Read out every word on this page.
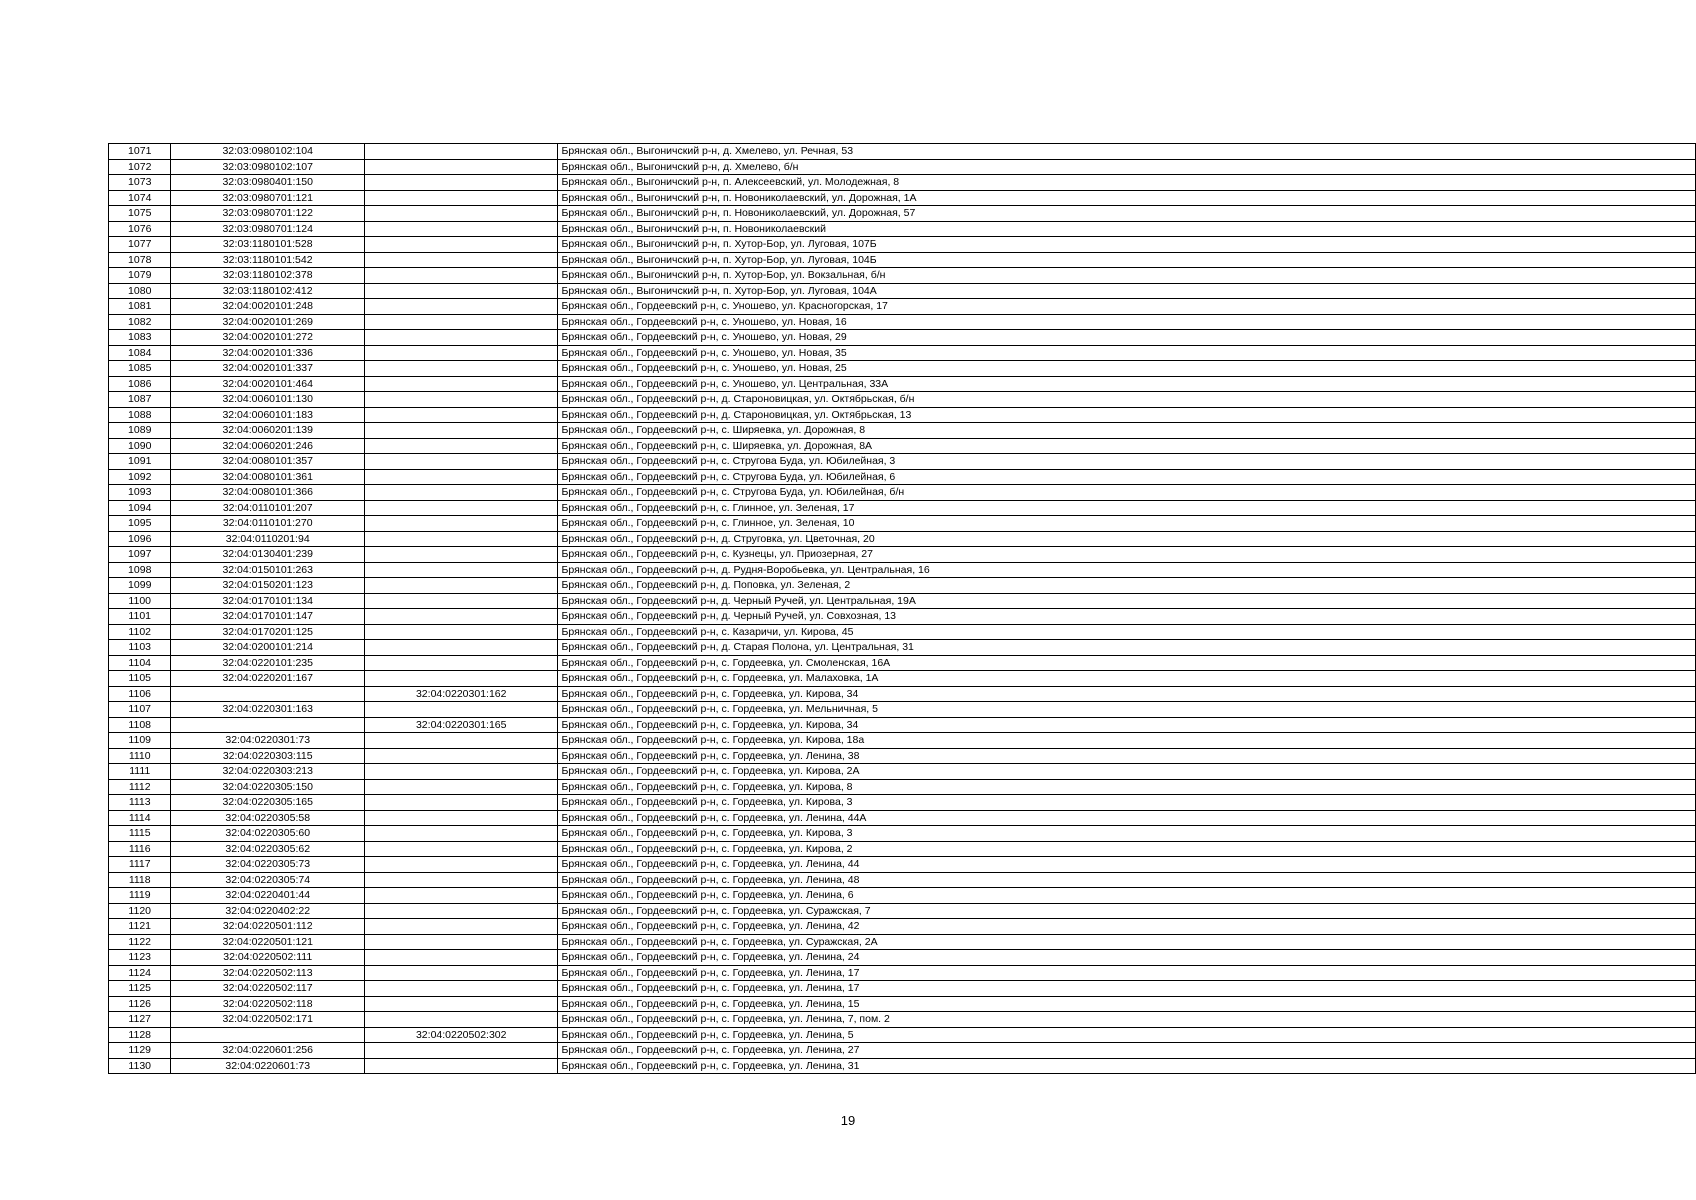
1071	32:03:0980102:104		Брянская обл., Выгоничский р-н, д. Хмелево, ул. Речная, 53
1072	32:03:0980102:107		Брянская обл., Выгоничский р-н, д. Хмелево, б/н
1073	32:03:0980401:150		Брянская обл., Выгоничский р-н, п. Алексеевский, ул. Молодежная, 8
1074	32:03:0980701:121		Брянская обл., Выгоничский р-н, п. Новониколаевский, ул. Дорожная, 1А
1075	32:03:0980701:122		Брянская обл., Выгоничский р-н, п. Новониколаевский, ул. Дорожная, 57
1076	32:03:0980701:124		Брянская обл., Выгоничский р-н, п. Новониколаевский
1077	32:03:1180101:528		Брянская обл., Выгоничский р-н, п. Хутор-Бор, ул. Луговая, 107Б
1078	32:03:1180101:542		Брянская обл., Выгоничский р-н, п. Хутор-Бор, ул. Луговая, 104Б
1079	32:03:1180102:378		Брянская обл., Выгоничский р-н, п. Хутор-Бор, ул. Вокзальная, б/н
1080	32:03:1180102:412		Брянская обл., Выгоничский р-н, п. Хутор-Бор, ул. Луговая, 104А
1081	32:04:0020101:248		Брянская обл., Гордеевский р-н, с. Уношево, ул. Красногорская, 17
1082	32:04:0020101:269		Брянская обл., Гордеевский р-н, с. Уношево, ул. Новая, 16
1083	32:04:0020101:272		Брянская обл., Гордеевский р-н, с. Уношево, ул. Новая, 29
1084	32:04:0020101:336		Брянская обл., Гордеевский р-н, с. Уношево, ул. Новая, 35
1085	32:04:0020101:337		Брянская обл., Гордеевский р-н, с. Уношево, ул. Новая, 25
1086	32:04:0020101:464		Брянская обл., Гордеевский р-н, с. Уношево, ул. Центральная, 33А
1087	32:04:0060101:130		Брянская обл., Гордеевский р-н, д. Староновицкая, ул. Октябрьская, б/н
1088	32:04:0060101:183		Брянская обл., Гордеевский р-н, д. Староновицкая, ул. Октябрьская, 13
1089	32:04:0060201:139		Брянская обл., Гордеевский р-н, с. Ширяевка, ул. Дорожная, 8
1090	32:04:0060201:246		Брянская обл., Гордеевский р-н, с. Ширяевка, ул. Дорожная, 8А
1091	32:04:0080101:357		Брянская обл., Гордеевский р-н, с. Стругова Буда, ул. Юбилейная, 3
1092	32:04:0080101:361		Брянская обл., Гордеевский р-н, с. Стругова Буда, ул. Юбилейная, 6
1093	32:04:0080101:366		Брянская обл., Гордеевский р-н, с. Стругова Буда, ул. Юбилейная, б/н
1094	32:04:0110101:207		Брянская обл., Гордеевский р-н, с. Глинное, ул. Зеленая, 17
1095	32:04:0110101:270		Брянская обл., Гордеевский р-н, с. Глинное, ул. Зеленая, 10
1096	32:04:0110201:94		Брянская обл., Гордеевский р-н, д. Струговка, ул. Цветочная, 20
1097	32:04:0130401:239		Брянская обл., Гордеевский р-н, с. Кузнецы, ул. Приозерная, 27
1098	32:04:0150101:263		Брянская обл., Гордеевский р-н, д. Рудня-Воробьевка, ул. Центральная, 16
1099	32:04:0150201:123		Брянская обл., Гордеевский р-н, д. Поповка, ул. Зеленая, 2
1100	32:04:0170101:134		Брянская обл., Гордеевский р-н, д. Черный Ручей, ул. Центральная, 19А
1101	32:04:0170101:147		Брянская обл., Гордеевский р-н, д. Черный Ручей, ул. Совхозная, 13
1102	32:04:0170201:125		Брянская обл., Гордеевский р-н, с. Казаричи, ул. Кирова, 45
1103	32:04:0200101:214		Брянская обл., Гордеевский р-н, д. Старая Полона, ул. Центральная, 31
1104	32:04:0220101:235		Брянская обл., Гордеевский р-н, с. Гордеевка, ул. Смоленская, 16А
1105	32:04:0220201:167		Брянская обл., Гордеевский р-н, с. Гордеевка, ул. Малаховка, 1А
1106		32:04:0220301:162	Брянская обл., Гордеевский р-н, с. Гордеевка, ул. Кирова, 34
1107	32:04:0220301:163		Брянская обл., Гордеевский р-н, с. Гордеевка, ул. Мельничная, 5
1108		32:04:0220301:165	Брянская обл., Гордеевский р-н, с. Гордеевка, ул. Кирова, 34
1109	32:04:0220301:73		Брянская обл., Гордеевский р-н, с. Гордеевка, ул. Кирова, 18а
1110	32:04:0220303:115		Брянская обл., Гордеевский р-н, с. Гордеевка, ул. Ленина, 38
1111	32:04:0220303:213		Брянская обл., Гордеевский р-н, с. Гордеевка, ул. Кирова, 2А
1112	32:04:0220305:150		Брянская обл., Гордеевский р-н, с. Гордеевка, ул. Кирова, 8
1113	32:04:0220305:165		Брянская обл., Гордеевский р-н, с. Гордеевка, ул. Кирова, 3
1114	32:04:0220305:58		Брянская обл., Гордеевский р-н, с. Гордеевка, ул. Ленина, 44А
1115	32:04:0220305:60		Брянская обл., Гордеевский р-н, с. Гордеевка, ул. Кирова, 3
1116	32:04:0220305:62		Брянская обл., Гордеевский р-н, с. Гордеевка, ул. Кирова, 2
1117	32:04:0220305:73		Брянская обл., Гордеевский р-н, с. Гордеевка, ул. Ленина, 44
1118	32:04:0220305:74		Брянская обл., Гордеевский р-н, с. Гордеевка, ул. Ленина, 48
1119	32:04:0220401:44		Брянская обл., Гордеевский р-н, с. Гордеевка, ул. Ленина, 6
1120	32:04:0220402:22		Брянская обл., Гордеевский р-н, с. Гордеевка, ул. Суражская, 7
1121	32:04:0220501:112		Брянская обл., Гордеевский р-н, с. Гордеевка, ул. Ленина, 42
1122	32:04:0220501:121		Брянская обл., Гордеевский р-н, с. Гордеевка, ул. Суражская, 2А
1123	32:04:0220502:111		Брянская обл., Гордеевский р-н, с. Гордеевка, ул. Ленина, 24
1124	32:04:0220502:113		Брянская обл., Гордеевский р-н, с. Гордеевка, ул. Ленина, 17
1125	32:04:0220502:117		Брянская обл., Гордеевский р-н, с. Гордеевка, ул. Ленина, 17
1126	32:04:0220502:118		Брянская обл., Гордеевский р-н, с. Гордеевка, ул. Ленина, 15
1127	32:04:0220502:171		Брянская обл., Гордеевский р-н, с. Гордеевка, ул. Ленина, 7, пом. 2
1128		32:04:0220502:302	Брянская обл., Гордеевский р-н, с. Гордеевка, ул. Ленина, 5
1129	32:04:0220601:256		Брянская обл., Гордеевский р-н, с. Гордеевка, ул. Ленина, 27
1130	32:04:0220601:73		Брянская обл., Гордеевский р-н, с. Гордеевка, ул. Ленина, 31
19
